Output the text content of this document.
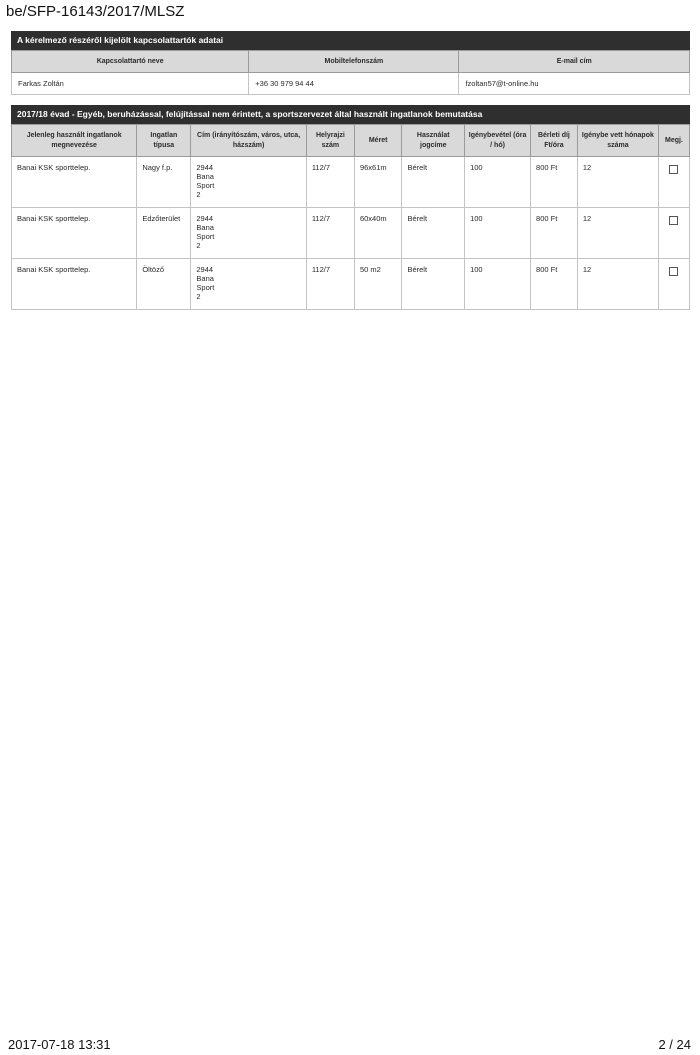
be/SFP-16143/2017/MLSZ
A kérelmező részéről kijelölt kapcsolattartók adatai
Kapcsolattartó neve	Mobiltelefonszám	E-mail cím
Farkas Zoltán	+36 30 979 94 44	fzoltan57@t-online.hu
2017/18 évad - Egyéb, beruházással, felújítással nem érintett, a sportszervezet által használt ingatlanok bemutatása
Jelenleg használt ingatlanok megnevezése	Ingatlan típusa	Cím (irányítószám, város, utca, házszám)	Helyrajzi szám	Méret	Használat jogcíme	Igénybevétel (óra / hó)	Bérleti díj Ft/óra	Igénybe vett hónapok száma	Megj.
Banai KSK sporttelep.	Nagy f.p.	2944
Bana
Sport
2	112/7	96x61m	Bérelt	100	800 Ft	12	
Banai KSK sporttelep.	Edzőterület	2944
Bana
Sport
2	112/7	60x40m	Bérelt	100	800 Ft	12	
Banai KSK sporttelep.	Öltöző	2944
Bana
Sport
2	112/7	50 m2	Bérelt	100	800 Ft	12	
2017-07-18 13:31	2 / 24
